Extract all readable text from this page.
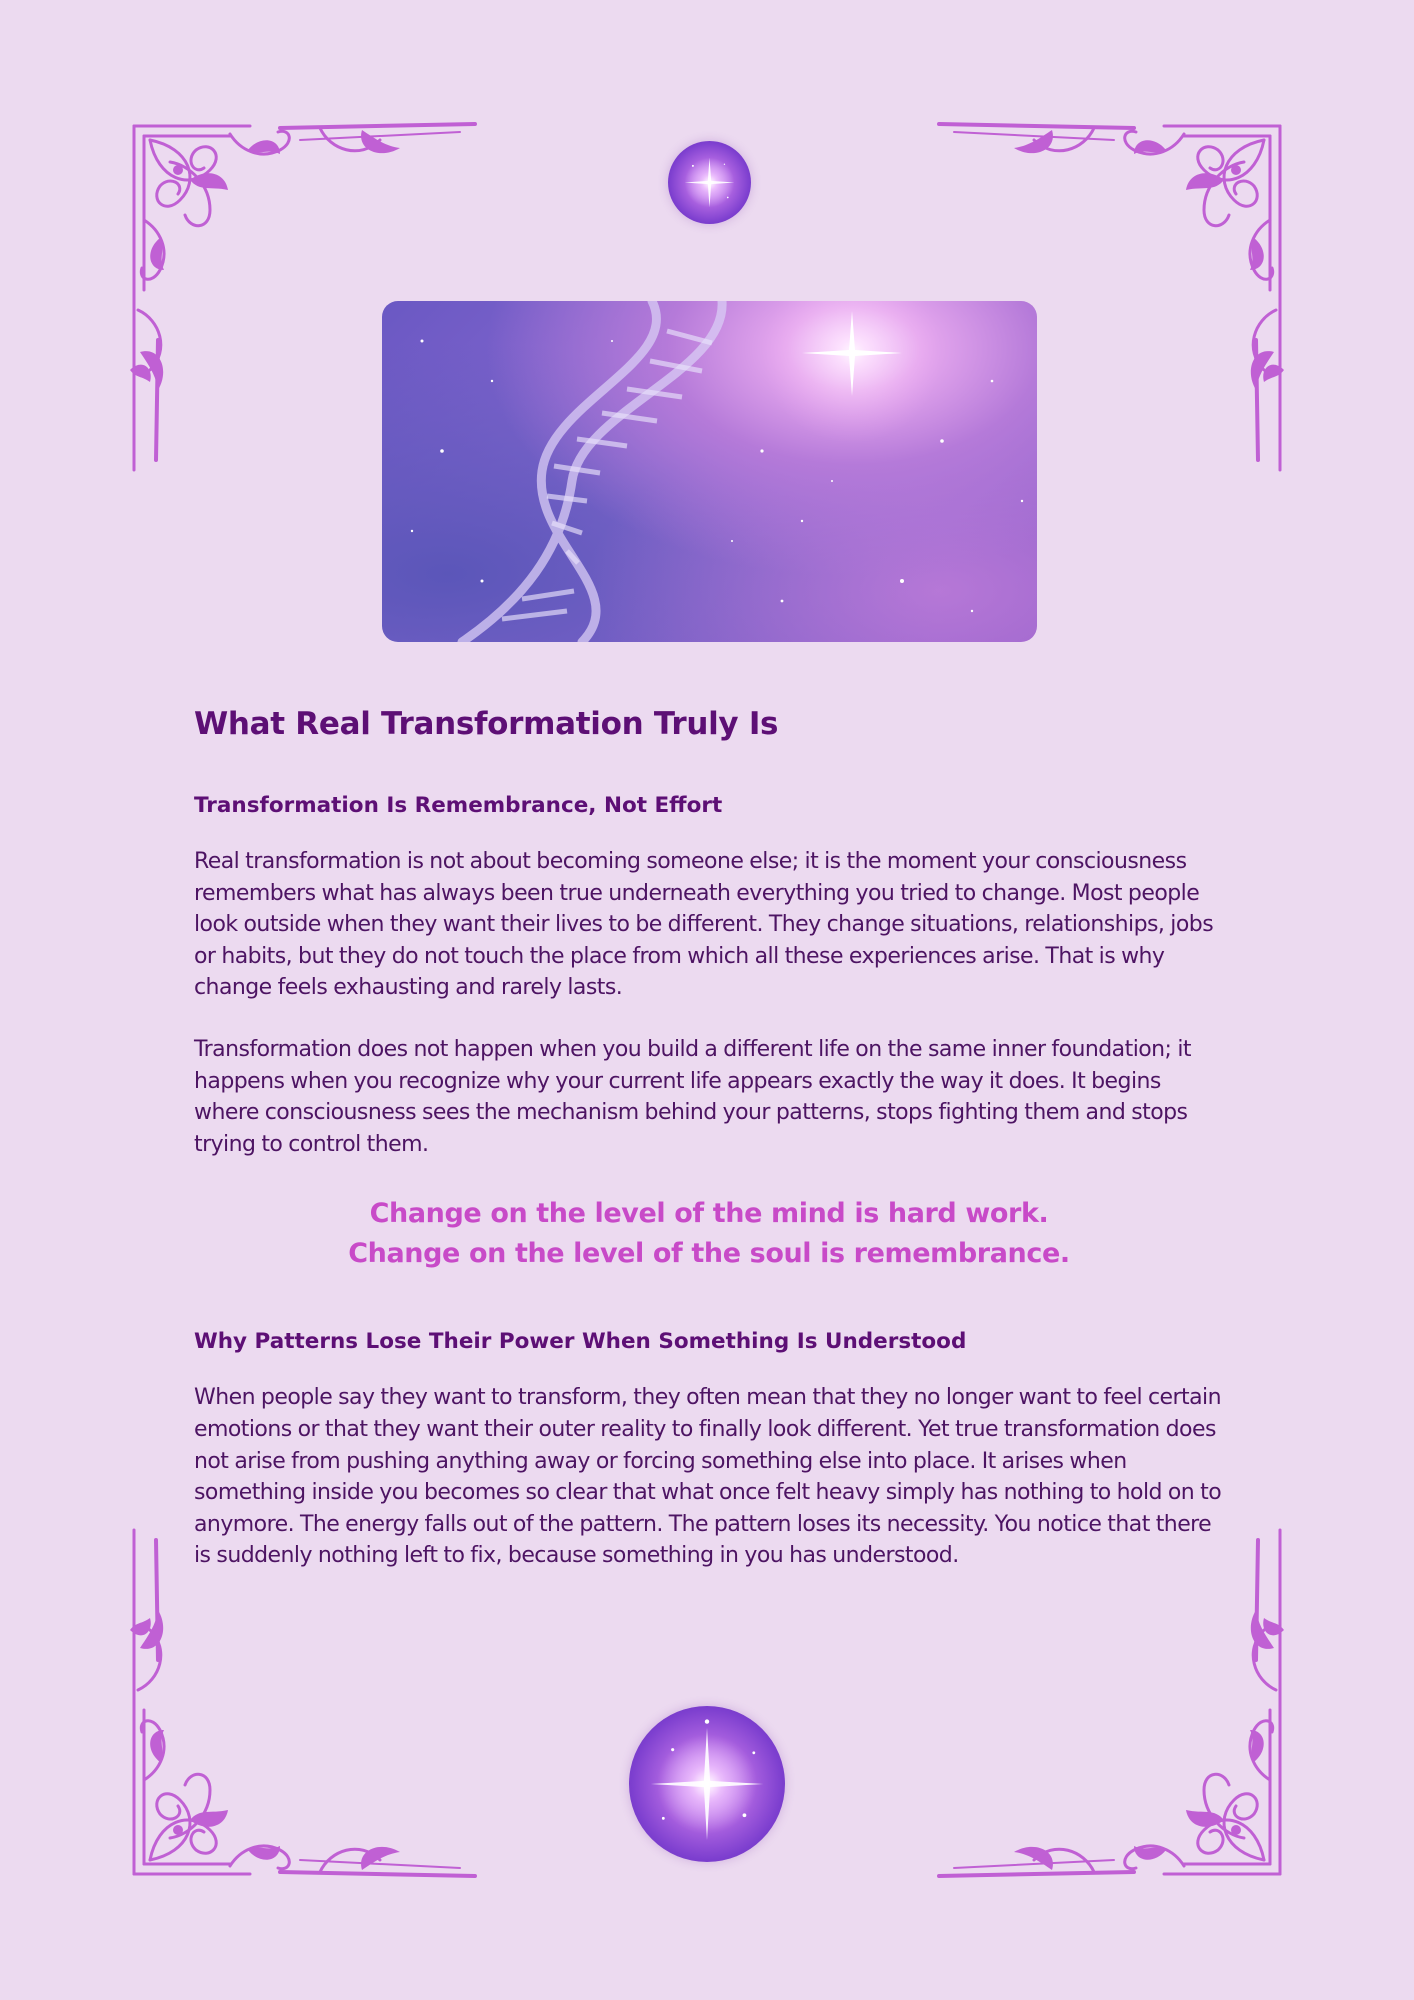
What Real Transformation Truly Is
Transformation Is Remembrance, Not Effort

Real transformation is not about becoming someone else; it is the moment your consciousness remembers what has always been true underneath everything you tried to change. Most people look outside when they want their lives to be different. They change situations, relationships, jobs or habits, but they do not touch the place from which all these experiences arise. That is why change feels exhausting and rarely lasts.

Transformation does not happen when you build a different life on the same inner foundation; it happens when you recognize why your current life appears exactly the way it does. It begins where consciousness sees the mechanism behind your patterns, stops fighting them and stops trying to control them.

Change on the level of the mind is hard work.
Change on the level of the soul is remembrance.
Why Patterns Lose Their Power When Something Is Understood

When people say they want to transform, they often mean that they no longer want to feel certain emotions or that they want their outer reality to finally look different. Yet true transformation does not arise from pushing anything away or forcing something else into place. It arises when something inside you becomes so clear that what once felt heavy simply has nothing to hold on to anymore. The energy falls out of the pattern. The pattern loses its necessity. You notice that there is suddenly nothing left to fix, because something in you has understood.
